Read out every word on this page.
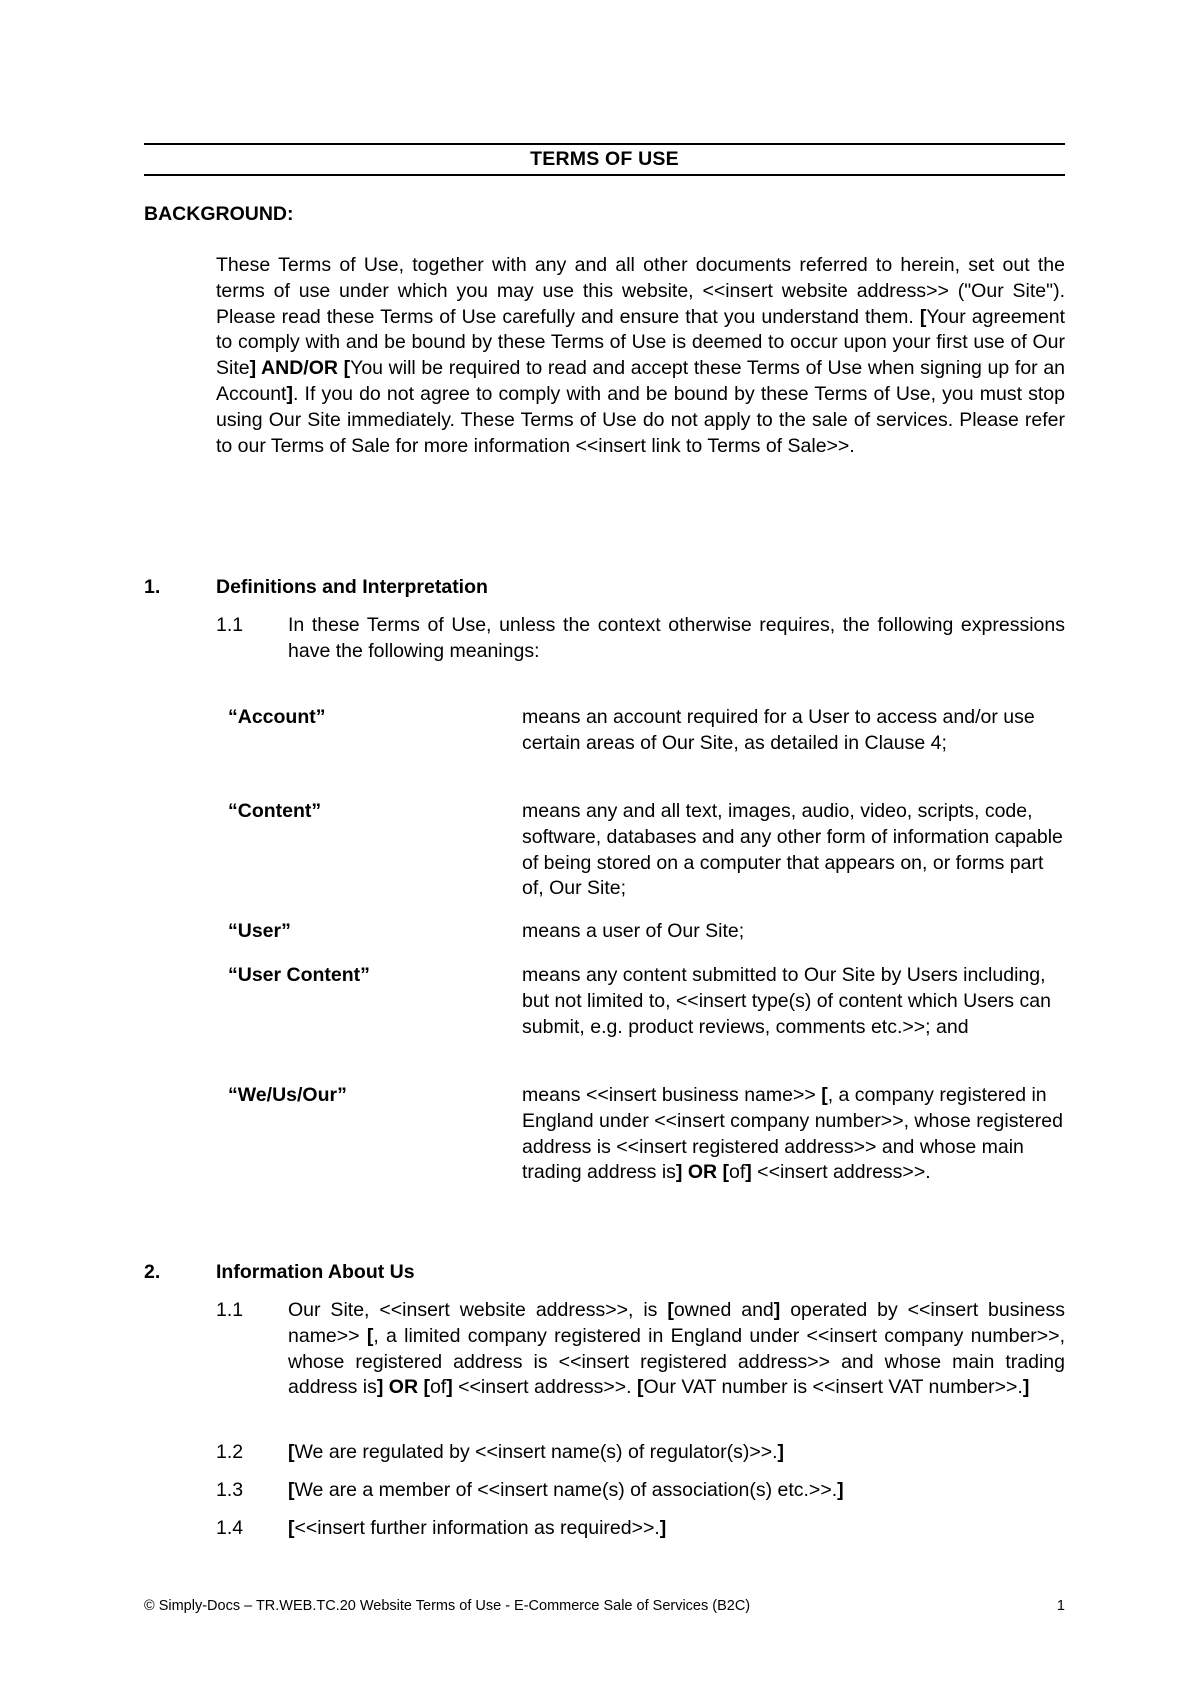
TERMS OF USE
BACKGROUND:

These Terms of Use, together with any and all other documents referred to herein, set out the terms of use under which you may use this website, <<insert website address>> ("Our Site"). Please read these Terms of Use carefully and ensure that you understand them. [Your agreement to comply with and be bound by these Terms of Use is deemed to occur upon your first use of Our Site] AND/OR [You will be required to read and accept these Terms of Use when signing up for an Account]. If you do not agree to comply with and be bound by these Terms of Use, you must stop using Our Site immediately. These Terms of Use do not apply to the sale of services. Please refer to our Terms of Sale for more information <<insert link to Terms of Sale>>.

1.	Definitions and Interpretation
1.1 In these Terms of Use, unless the context otherwise requires, the following expressions have the following meanings:
“Account”	means an account required for a User to access and/or use certain areas of Our Site, as detailed in Clause 4;
“Content”	means any and all text, images, audio, video, scripts, code, software, databases and any other form of information capable of being stored on a computer that appears on, or forms part of, Our Site;
“User”	means a user of Our Site;
“User Content”	means any content submitted to Our Site by Users including, but not limited to, <<insert type(s) of content which Users can submit, e.g. product reviews, comments etc.>>; and
“We/Us/Our”	means <<insert business name>> [, a company registered in England under <<insert company number>>, whose registered address is <<insert registered address>> and whose main trading address is] OR [of] <<insert address>>.
2.	Information About Us
1.1 Our Site, <<insert website address>>, is [owned and] operated by <<insert business name>> [, a limited company registered in England under <<insert company number>>, whose registered address is <<insert registered address>> and whose main trading address is] OR [of] <<insert address>>. [Our VAT number is <<insert VAT number>>.]
1.2 [We are regulated by <<insert name(s) of regulator(s)>>.]
1.3 [We are a member of <<insert name(s) of association(s) etc.>>.]
1.4 [<<insert further information as required>>.]
© Simply-Docs – TR.WEB.TC.20 Website Terms of Use - E-Commerce Sale of Services (B2C)	1
